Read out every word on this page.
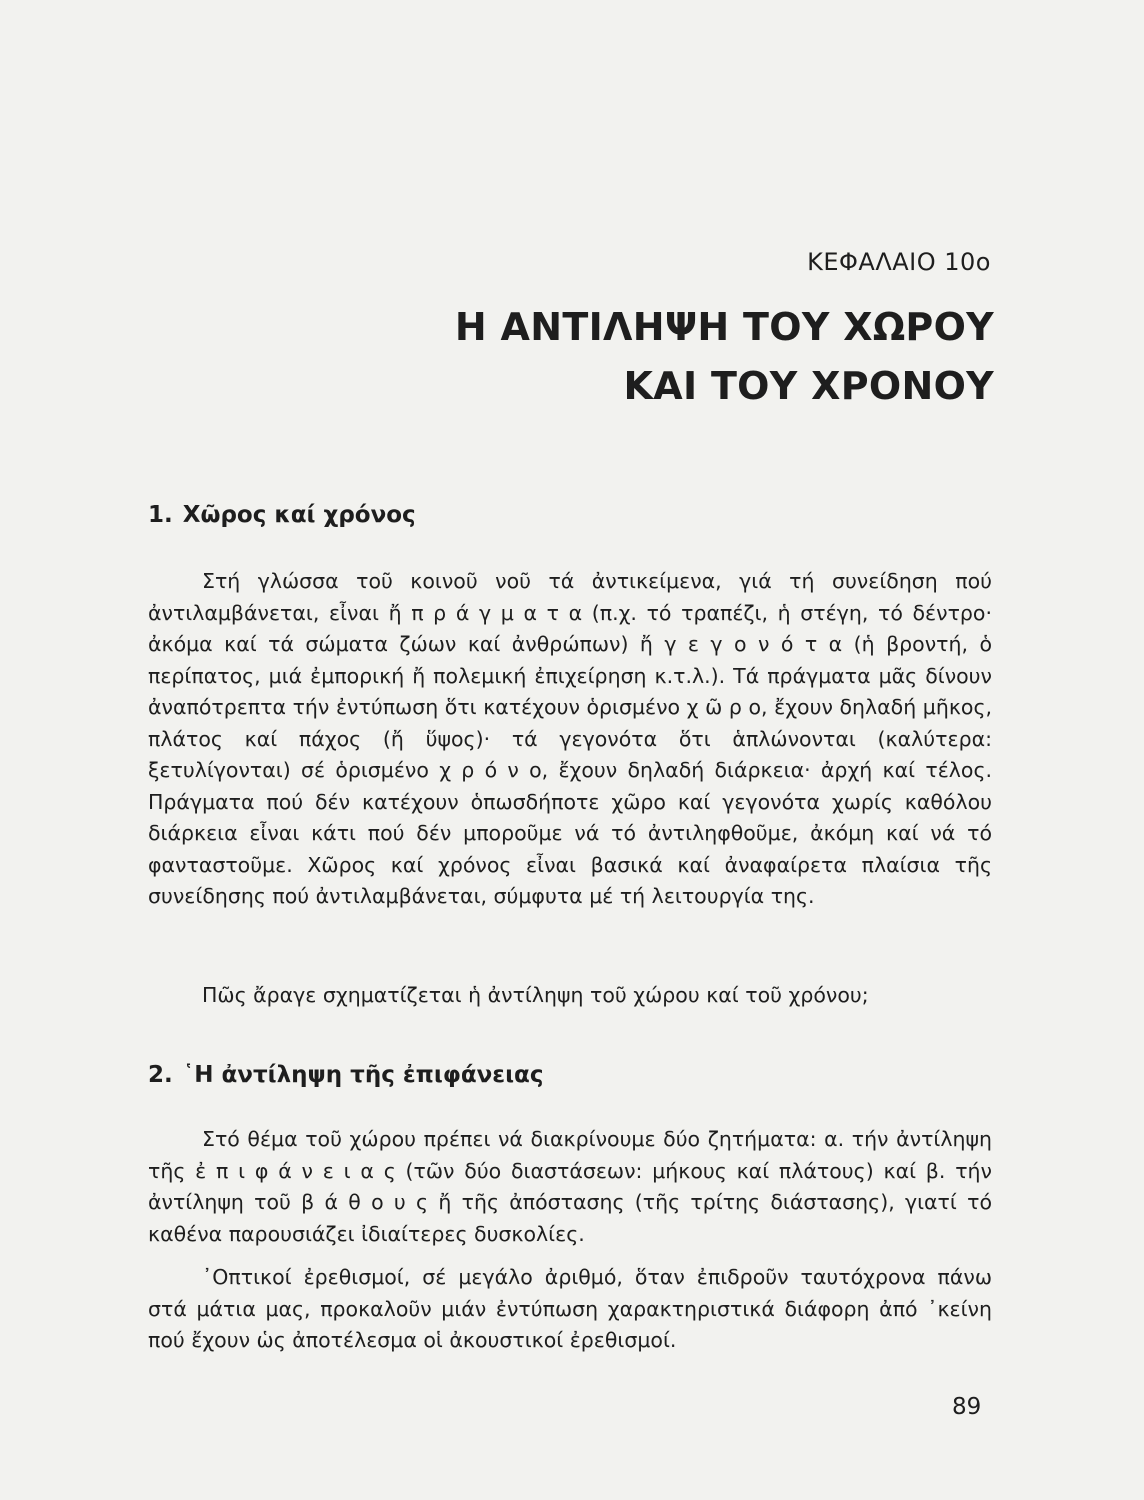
ΚΕΦΑΛΑΙΟ 10ο
Η ΑΝΤΙΛΗΨΗ ΤΟΥ ΧΩΡΟΥ
ΚΑΙ ΤΟΥ ΧΡΟΝΟΥ
1. Χῶρος καί χρόνος

Στή γλώσσα τοῦ κοινοῦ νοῦ τά ἀντικείμενα, γιά τή συνείδηση πού ἀντιλαμβάνεται, εἶναι ἤ π ρ ά γ μ α τ α (π.χ. τό τραπέζι, ἡ στέγη, τό δέντρο· ἀκόμα καί τά σώματα ζώων καί ἀνθρώπων) ἤ γ ε γ ο ν ό τ α (ἡ βροντή, ὁ περίπατος, μιά ἐμπορική ἤ πολεμική ἐπιχείρηση κ.τ.λ.). Τά πράγματα μᾶς δίνουν ἀναπότρεπτα τήν ἐντύπωση ὅτι κατέχουν ὁρισμένο χ ῶ ρ ο, ἔχουν δηλαδή μῆκος, πλάτος καί πάχος (ἤ ὕψος)· τά γεγονότα ὅτι ἁπλώνονται (καλύτερα: ξετυλίγονται) σέ ὁρισμένο χ ρ ό ν ο, ἔχουν δηλαδή διάρκεια· ἀρχή καί τέλος. Πράγματα πού δέν κατέχουν ὁπωσδήποτε χῶρο καί γεγονότα χωρίς καθόλου διάρκεια εἶναι κάτι πού δέν μποροῦμε νά τό ἀντιληφθοῦμε, ἀκόμη καί νά τό φανταστοῦμε. Χῶρος καί χρόνος εἶναι βασικά καί ἀναφαίρετα πλαίσια τῆς συνείδησης πού ἀντιλαμβάνεται, σύμφυτα μέ τή λειτουργία της.

Πῶς ἄραγε σχηματίζεται ἡ ἀντίληψη τοῦ χώρου καί τοῦ χρόνου;

2. ῾Η ἀντίληψη τῆς ἐπιφάνειας

Στό θέμα τοῦ χώρου πρέπει νά διακρίνουμε δύο ζητήματα: α. τήν ἀντίληψη τῆς ἐ π ι φ ά ν ε ι α ς (τῶν δύο διαστάσεων: μήκους καί πλάτους) καί β. τήν ἀντίληψη τοῦ β ά θ ο υ ς ἤ τῆς ἀπόστασης (τῆς τρίτης διάστασης), γιατί τό καθένα παρουσιάζει ἰδιαίτερες δυσκολίες.

᾿Οπτικοί ἐρεθισμοί, σέ μεγάλο ἀριθμό, ὅταν ἐπιδροῦν ταυτόχρονα πάνω στά μάτια μας, προκαλοῦν μιάν ἐντύπωση χαρακτηριστικά διάφορη ἀπό ᾿κείνη πού ἔχουν ὡς ἀποτέλεσμα οἱ ἀκουστικοί ἐρεθισμοί.

89
